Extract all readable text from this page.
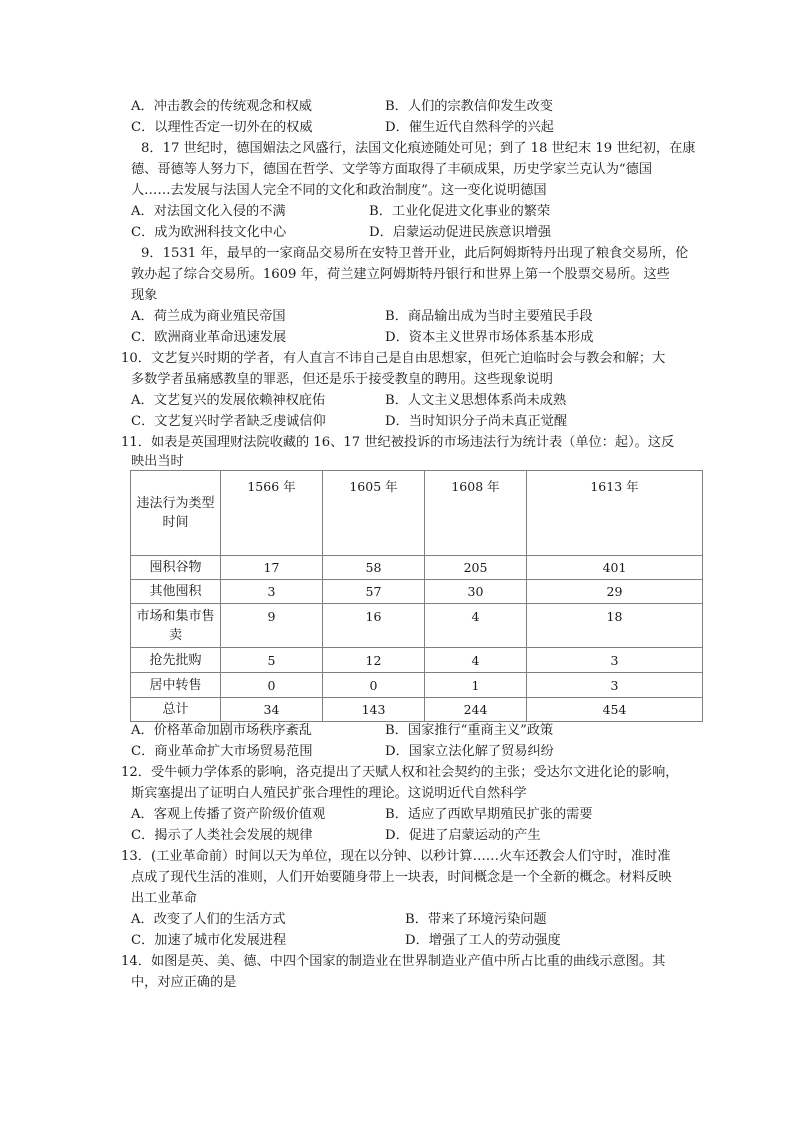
A．冲击教会的传统观念和权威	B．人们的宗教信仰发生改变
C．以理性否定一切外在的权威	D．催生近代自然科学的兴起
8．17 世纪时，德国媚法之风盛行，法国文化痕迹随处可见；到了 18 世纪末 19 世纪初，在康
德、哥德等人努力下，德国在哲学、文学等方面取得了丰硕成果，历史学家兰克认为“德国
人……去发展与法国人完全不同的文化和政治制度”。这一变化说明德国
A．对法国文化入侵的不满	B．工业化促进文化事业的繁荣
C．成为欧洲科技文化中心	D．启蒙运动促进民族意识增强
9．1531 年，最早的一家商品交易所在安特卫普开业，此后阿姆斯特丹出现了粮食交易所，伦
敦办起了综合交易所。1609 年，荷兰建立阿姆斯特丹银行和世界上第一个股票交易所。这些
现象
A．荷兰成为商业殖民帝国	B．商品输出成为当时主要殖民手段
C．欧洲商业革命迅速发展	D．资本主义世界市场体系基本形成
10．文艺复兴时期的学者，有人直言不讳自己是自由思想家，但死亡迫临时会与教会和解；大
多数学者虽痛感教皇的罪恶，但还是乐于接受教皇的聘用。这些现象说明
A．文艺复兴的发展依赖神权庇佑	B．人文主义思想体系尚未成熟
C．文艺复兴时学者缺乏虔诚信仰	D．当时知识分子尚未真正觉醒
11．如表是英国理财法院收藏的 16、17 世纪被投诉的市场违法行为统计表（单位：起）。这反
映出当时
违法行为类型
时间	1566 年	1605 年	1608 年	1613 年
囤积谷物	17	58	205	401
其他囤积	3	57	30	29
市场和集市售卖	9	16	4	18
抢先批购	5	12	4	3
居中转售	0	0	1	3
总计	34	143	244	454
A．价格革命加剧市场秩序紊乱	B．国家推行“重商主义”政策
C．商业革命扩大市场贸易范围	D．国家立法化解了贸易纠纷
12．受牛顿力学体系的影响，洛克提出了天赋人权和社会契约的主张；受达尔文进化论的影响，
斯宾塞提出了证明白人殖民扩张合理性的理论。这说明近代自然科学
A．客观上传播了资产阶级价值观	B．适应了西欧早期殖民扩张的需要
C．揭示了人类社会发展的规律	D．促进了启蒙运动的产生
13．(工业革命前）时间以天为单位，现在以分钟、以秒计算……火车还教会人们守时，准时准
点成了现代生活的准则，人们开始要随身带上一块表，时间概念是一个全新的概念。材料反映
出工业革命
A．改变了人们的生活方式	B．带来了环境污染问题
C．加速了城市化发展进程	D．增强了工人的劳动强度
14．如图是英、美、德、中四个国家的制造业在世界制造业产值中所占比重的曲线示意图。其
中，对应正确的是
